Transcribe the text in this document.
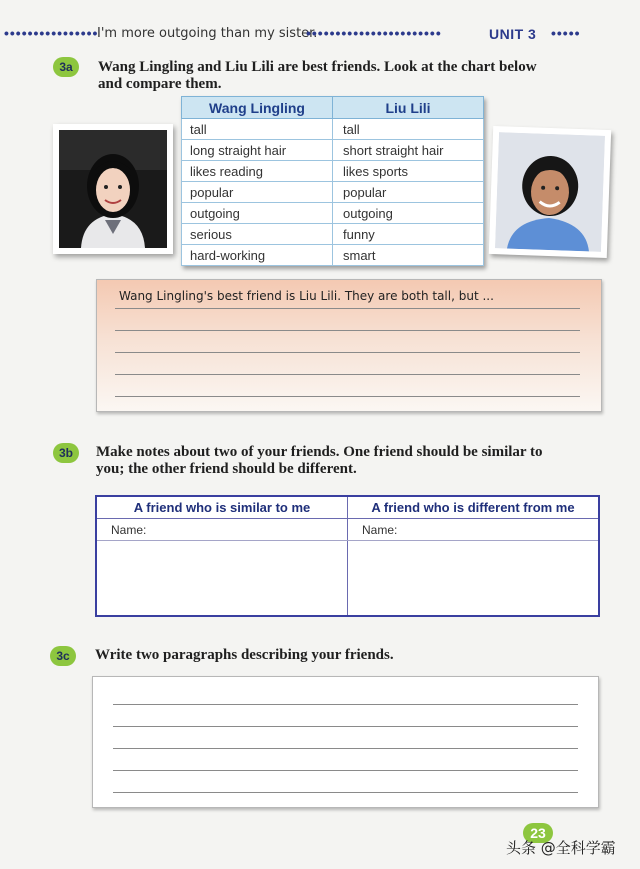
••••••••••••••••
I'm more outgoing than my sister.
•••••••••••••••••••••••	UNIT 3 •••••
3a	Wang Lingling and Liu Lili are best friends. Look at the chart below
and compare them.
Wang Lingling	Liu Lili
tall	tall
long straight hair	short straight hair
likes reading	likes sports
popular	popular
outgoing	outgoing
serious	funny
hard-working	smart
Wang Lingling's best friend is Liu Lili. They are both tall, but ...
3b	Make notes about two of your friends. One friend should be similar to
you; the other friend should be different.
A friend who is similar to me	A friend who is different from me
Name:	Name:
3c	Write two paragraphs describing your friends.
23
头条 @全科学霸
